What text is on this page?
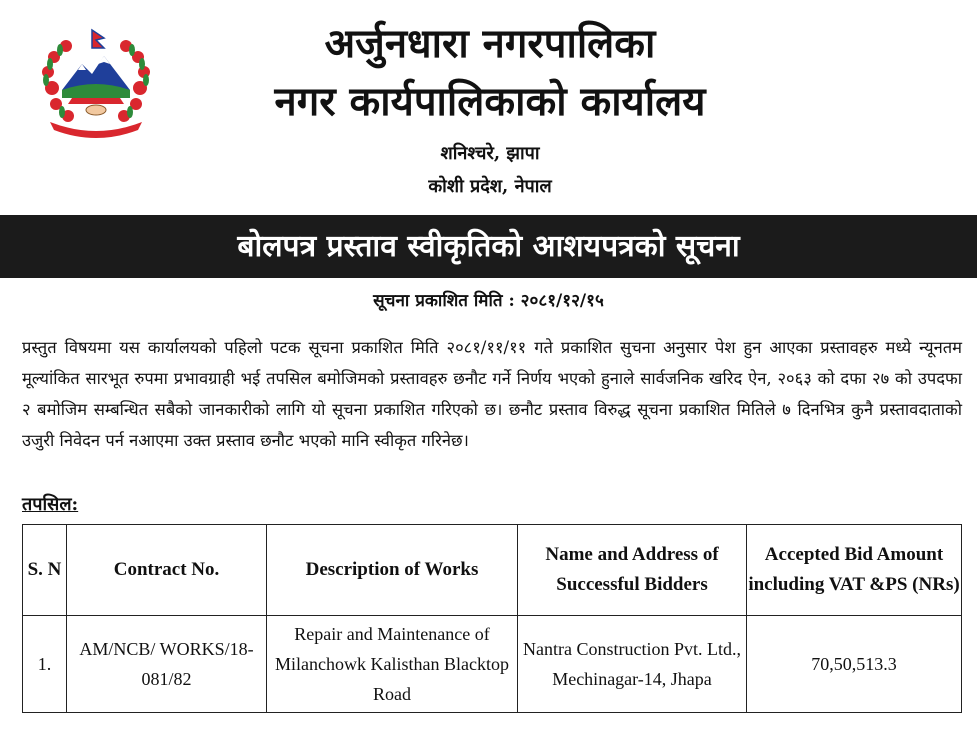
अर्जुनधारा नगरपालिका
नगर कार्यपालिकाको कार्यालय
शनिश्चरे, झापा
कोशी प्रदेश, नेपाल
बोलपत्र प्रस्ताव स्वीकृतिको आशयपत्रको सूचना
सूचना प्रकाशित मिति : २०८१/१२/१५
प्रस्तुत विषयमा यस कार्यालयको पहिलो पटक सूचना प्रकाशित मिति २०८१/११/११ गते प्रकाशित सुचना अनुसार पेश हुन आएका प्रस्तावहरु मध्ये न्यूनतम मूल्यांकित सारभूत रुपमा प्रभावग्राही भई तपसिल बमोजिमको प्रस्तावहरु छनौट गर्ने निर्णय भएको हुनाले सार्वजनिक खरिद ऐन, २०६३ को दफा २७ को उपदफा २ बमोजिम सम्बन्धित सबैको जानकारीको लागि यो सूचना प्रकाशित गरिएको छ। छनौट प्रस्ताव विरुद्ध सूचना प्रकाशित मितिले ७ दिनभित्र कुनै प्रस्तावदाताको उजुरी निवेदन पर्न नआएमा उक्त प्रस्ताव छनौट भएको मानि स्वीकृत गरिनेछ।
तपसिल:
S. N	Contract No.	Description of Works	Name and Address of Successful Bidders	Accepted Bid Amount including VAT &PS (NRs)
1.	AM/NCB/ WORKS/18-081/82	Repair and Maintenance of Milanchowk Kalisthan Blacktop Road	Nantra Construction Pvt. Ltd., Mechinagar-14, Jhapa	70,50,513.3
